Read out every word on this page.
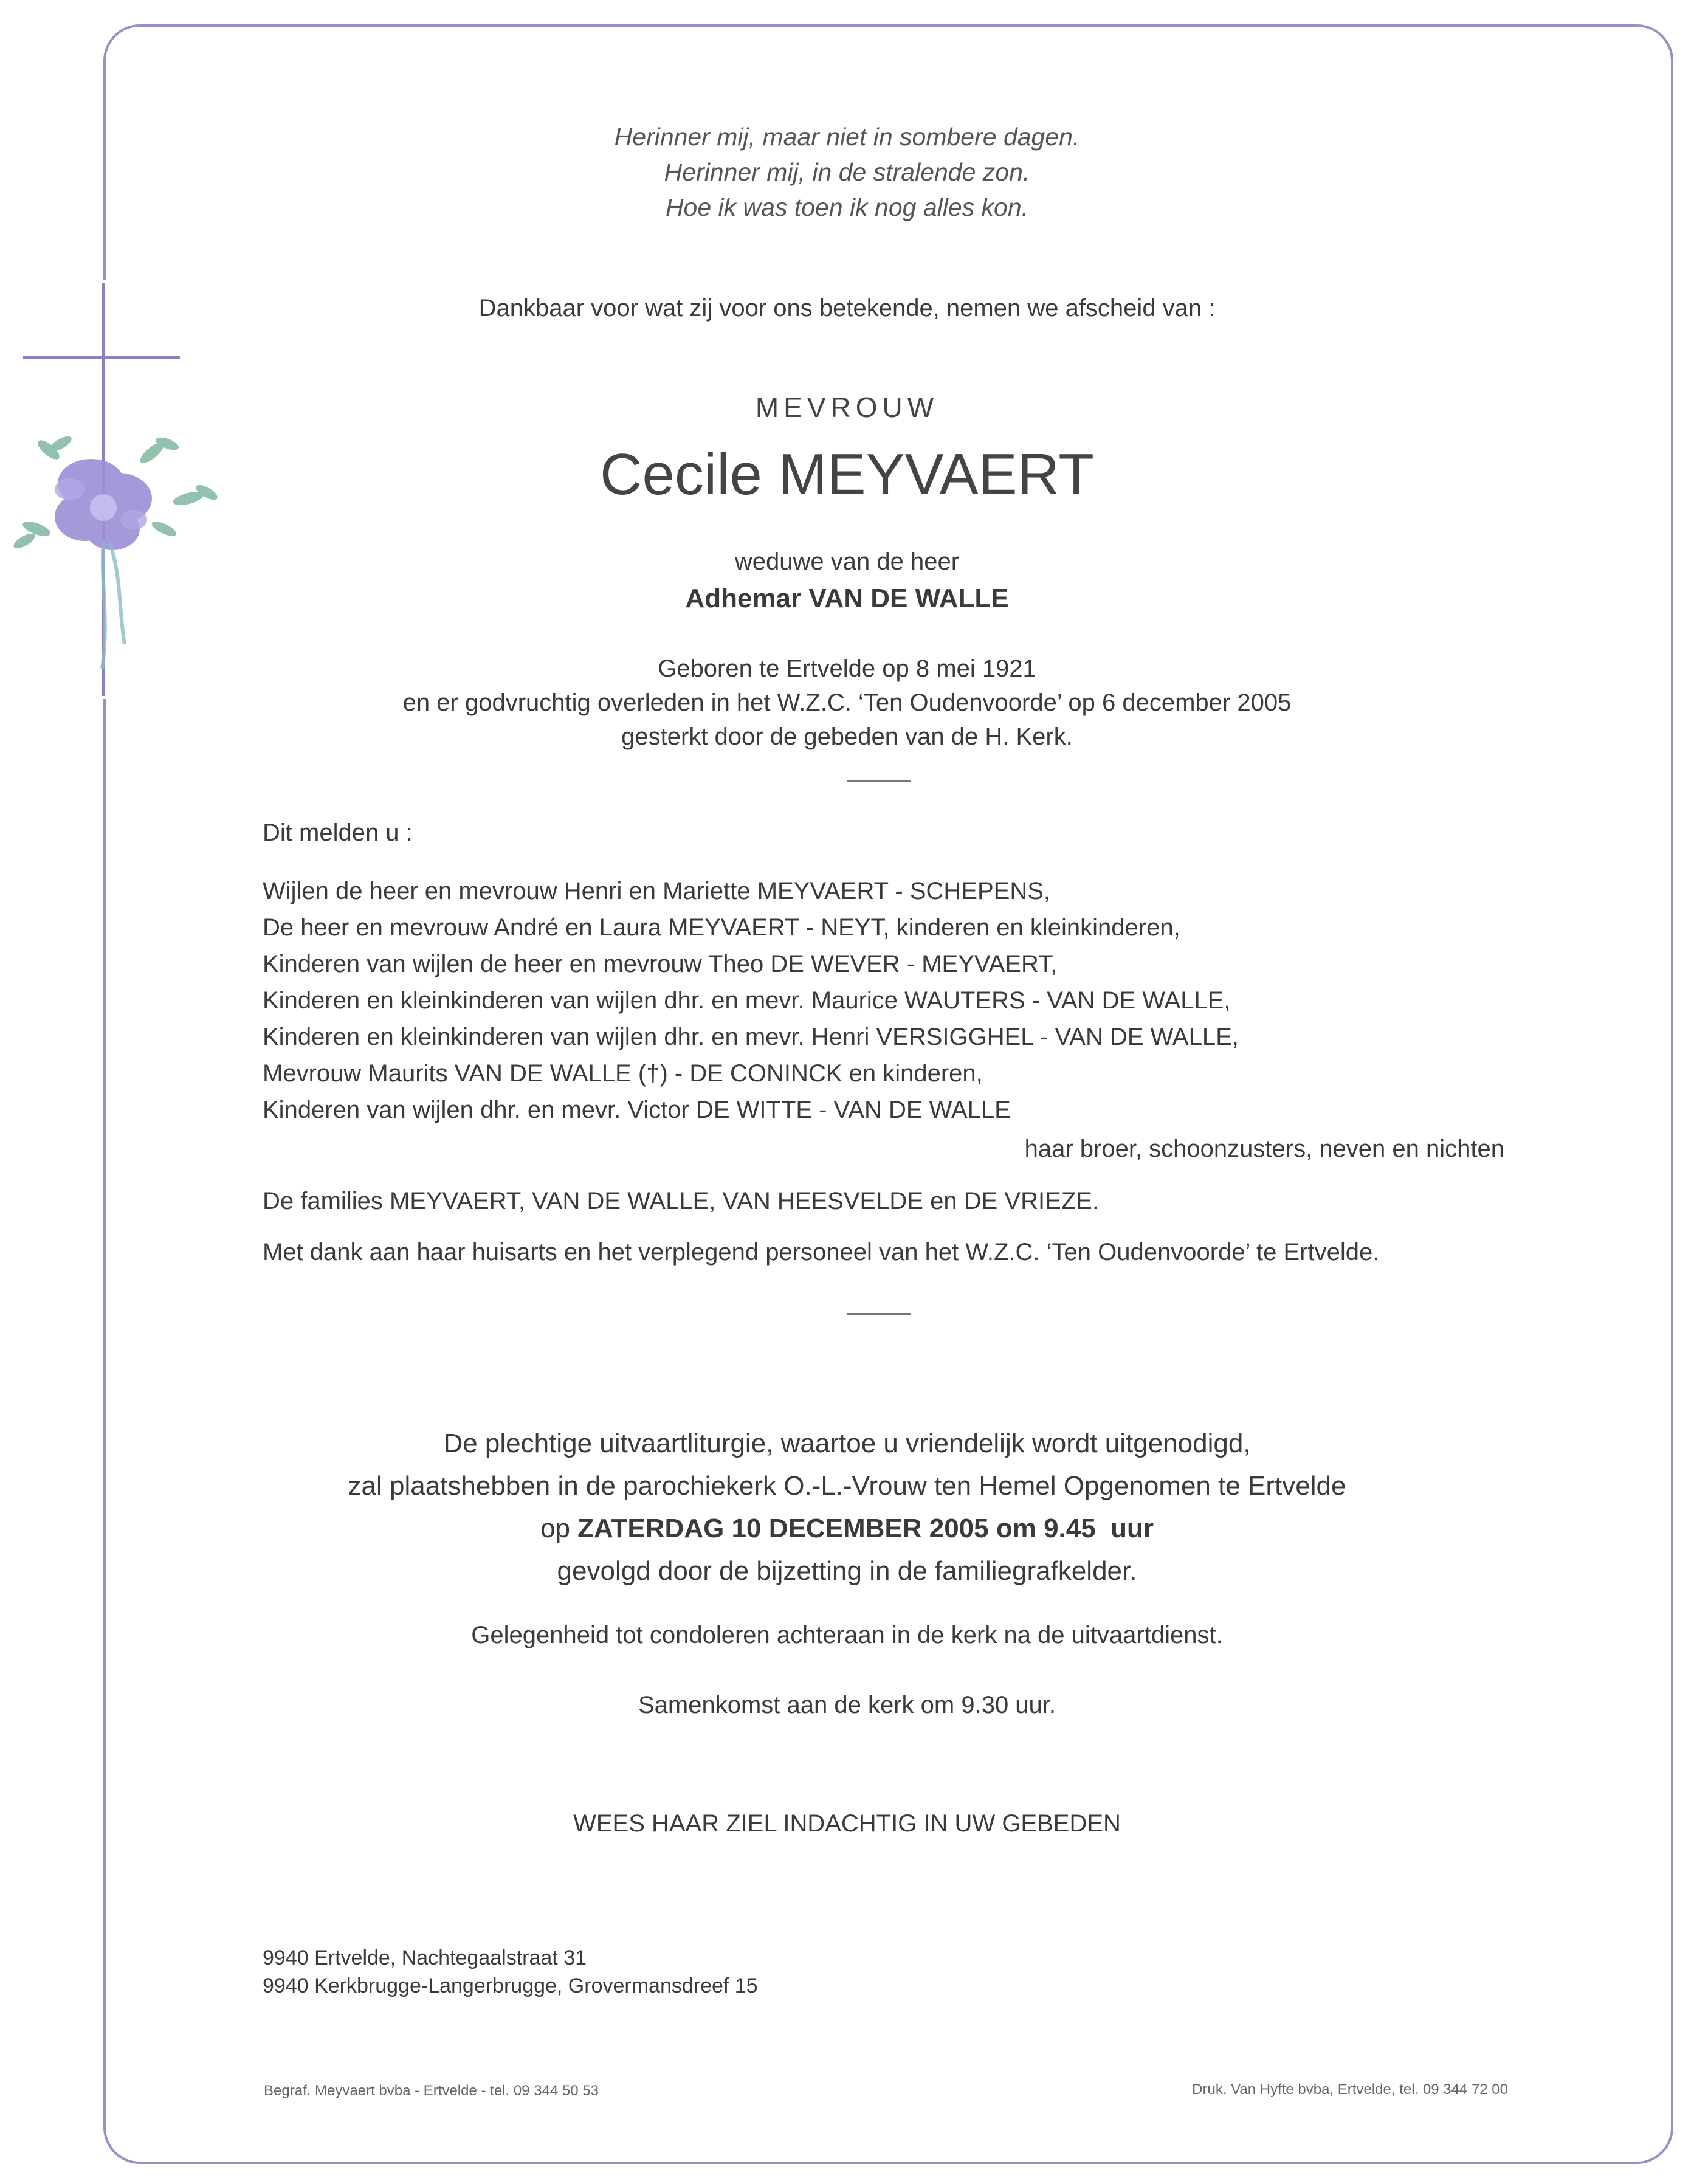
Herinner mij, maar niet in sombere dagen.
Herinner mij, in de stralende zon.
Hoe ik was toen ik nog alles kon.

Dankbaar voor wat zij voor ons betekende, nemen we afscheid van :

MEVROUW

Cecile MEYVAERT

weduwe van de heer

Adhemar VAN DE WALLE

Geboren te Ertvelde op 8 mei 1921
en er godvruchtig overleden in het W.Z.C. ‘Ten Oudenvoorde’ op 6 december 2005
gesterkt door de gebeden van de H. Kerk.

Dit melden u :

Wijlen de heer en mevrouw Henri en Mariette MEYVAERT - SCHEPENS,

De heer en mevrouw André en Laura MEYVAERT - NEYT, kinderen en kleinkinderen,

Kinderen van wijlen de heer en mevrouw Theo DE WEVER - MEYVAERT,

Kinderen en kleinkinderen van wijlen dhr. en mevr. Maurice WAUTERS - VAN DE WALLE,

Kinderen en kleinkinderen van wijlen dhr. en mevr. Henri VERSIGGHEL - VAN DE WALLE,

Mevrouw Maurits VAN DE WALLE (†) - DE CONINCK en kinderen,

Kinderen van wijlen dhr. en mevr. Victor DE WITTE - VAN DE WALLE

haar broer, schoonzusters, neven en nichten

De families MEYVAERT, VAN DE WALLE, VAN HEESVELDE en DE VRIEZE.

Met dank aan haar huisarts en het verplegend personeel van het W.Z.C. ‘Ten Oudenvoorde’ te Ertvelde.

De plechtige uitvaartliturgie, waartoe u vriendelijk wordt uitgenodigd,
zal plaatshebben in de parochiekerk O.-L.-Vrouw ten Hemel Opgenomen te Ertvelde
op ZATERDAG 10 DECEMBER 2005 om 9.45  uur
gevolgd door de bijzetting in de familiegrafkelder.

Gelegenheid tot condoleren achteraan in de kerk na de uitvaartdienst.

Samenkomst aan de kerk om 9.30 uur.

WEES HAAR ZIEL INDACHTIG IN UW GEBEDEN

9940 Ertvelde, Nachtegaalstraat 31
9940 Kerkbrugge-Langerbrugge, Grovermansdreef 15

Begraf. Meyvaert bvba - Ertvelde - tel. 09 344 50 53	Druk. Van Hyfte bvba, Ertvelde, tel. 09 344 72 00
